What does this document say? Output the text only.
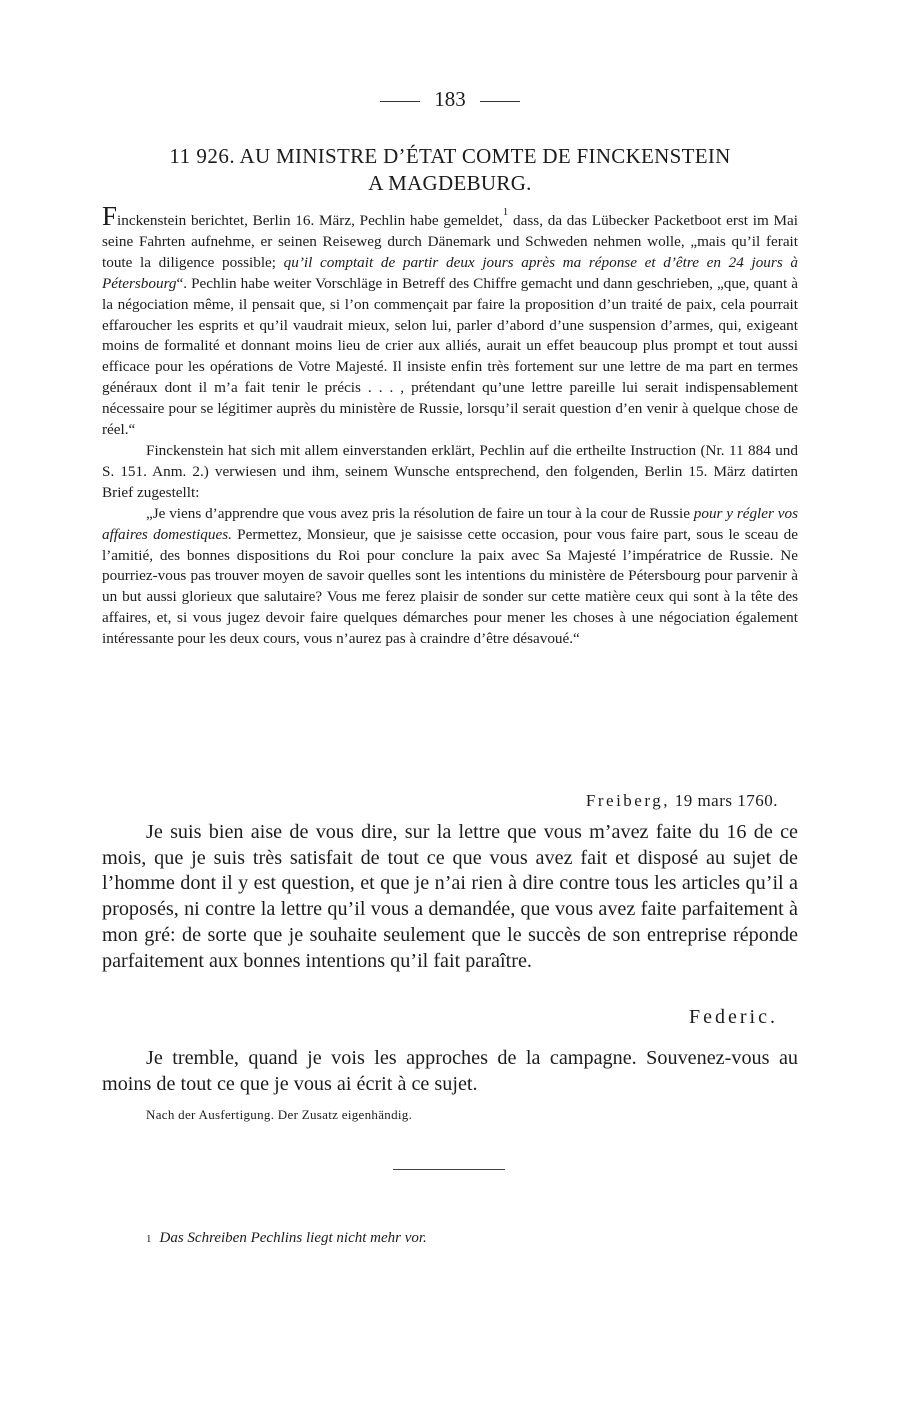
183
11 926. AU MINISTRE D’ÉTAT COMTE DE FINCKENSTEIN
A MAGDEBURG.

Finckenstein berichtet, Berlin 16. März, Pechlin habe gemeldet,$^1$ dass, da das Lübecker Packetboot erst im Mai seine Fahrten aufnehme, er seinen Reiseweg durch Dänemark und Schweden nehmen wolle, „mais qu’il ferait toute la diligence possible; qu’il comptait de partir deux jours après ma réponse et d’être en 24 jours à Pétersbourg“. Pechlin habe weiter Vorschläge in Betreff des Chiffre gemacht und dann geschrieben, „que, quant à la négociation même, il pensait que, si l’on commençait par faire la proposition d’un traité de paix, cela pourrait effaroucher les esprits et qu’il vaudrait mieux, selon lui, parler d’abord d’une suspension d’armes, qui, exigeant moins de formalité et donnant moins lieu de crier aux alliés, aurait un effet beaucoup plus prompt et tout aussi efficace pour les opérations de Votre Majesté. Il insiste enfin très fortement sur une lettre de ma part en termes généraux dont il m’a fait tenir le précis . . . , prétendant qu’une lettre pareille lui serait indispensablement nécessaire pour se légitimer auprès du ministère de Russie, lorsqu’il serait question d’en venir à quelque chose de réel.“

Finckenstein hat sich mit allem einverstanden erklärt, Pechlin auf die ertheilte Instruction (Nr. 11 884 und S. 151. Anm. 2.) verwiesen und ihm, seinem Wunsche entsprechend, den folgenden, Berlin 15. März datirten Brief zugestellt:

„Je viens d’apprendre que vous avez pris la résolution de faire un tour à la cour de Russie pour y régler vos affaires domestiques. Permettez, Monsieur, que je saisisse cette occasion, pour vous faire part, sous le sceau de l’amitié, des bonnes dispositions du Roi pour conclure la paix avec Sa Majesté l’impératrice de Russie. Ne pourriez-vous pas trouver moyen de savoir quelles sont les intentions du ministère de Pétersbourg pour parvenir à un but aussi glorieux que salutaire? Vous me ferez plaisir de sonder sur cette matière ceux qui sont à la tête des affaires, et, si vous jugez devoir faire quelques démarches pour mener les choses à une négociation également intéressante pour les deux cours, vous n’aurez pas à craindre d’être désavoué.“

Freiberg, 19 mars 1760.

Je suis bien aise de vous dire, sur la lettre que vous m’avez faite du 16 de ce mois, que je suis très satisfait de tout ce que vous avez fait et disposé au sujet de l’homme dont il y est question, et que je n’ai rien à dire contre tous les articles qu’il a proposés, ni contre la lettre qu’il vous a demandée, que vous avez faite parfaitement à mon gré: de sorte que je souhaite seulement que le succès de son entreprise réponde parfaitement aux bonnes intentions qu’il fait paraître.

Federic.

Je tremble, quand je vois les approches de la campagne. Souvenez-vous au moins de tout ce que je vous ai écrit à ce sujet.

Nach der Ausfertigung. Der Zusatz eigenhändig.
1 Das Schreiben Pechlins liegt nicht mehr vor.
